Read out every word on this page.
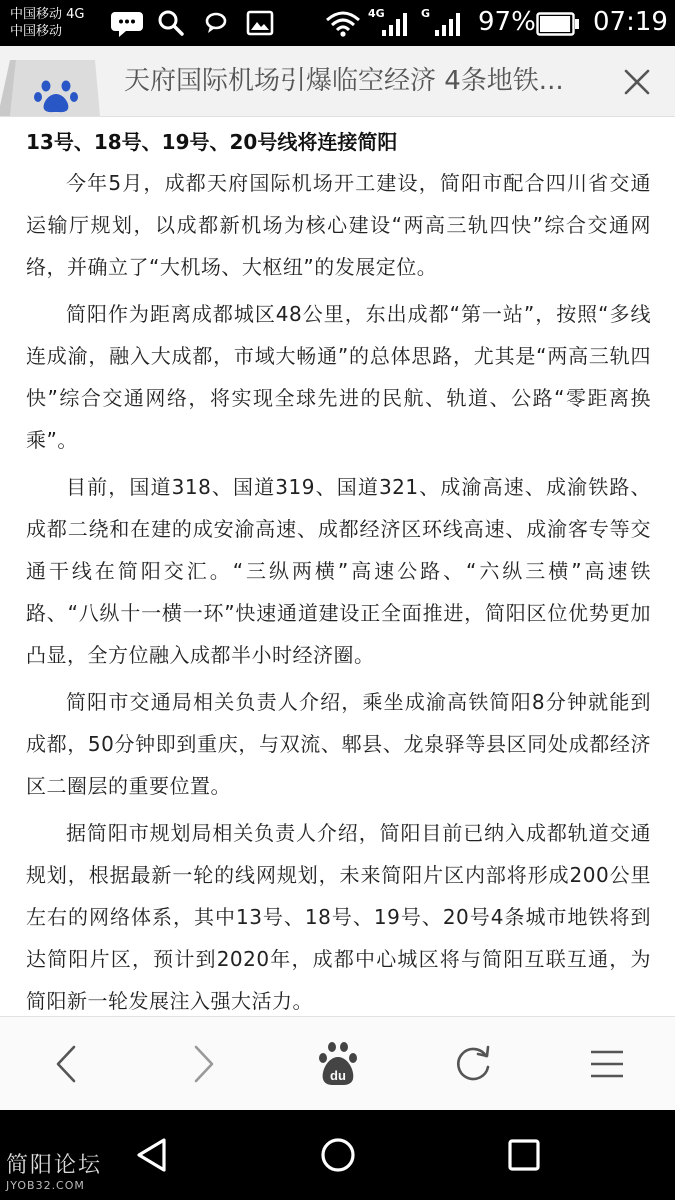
中国移动 4G
中国移动
4G	G 97% 07:19
天府国际机场引爆临空经济 4条地铁...
13号、18号、19号、20号线将连接简阳

今年5月，成都天府国际机场开工建设，简阳市配合四川省交通运输厅规划，以成都新机场为核心建设“两高三轨四快”综合交通网络，并确立了“大机场、大枢纽”的发展定位。

简阳作为距离成都城区48公里，东出成都“第一站”，按照“多线连成渝，融入大成都，市域大畅通”的总体思路，尤其是“两高三轨四快”综合交通网络，将实现全球先进的民航、轨道、公路“零距离换乘”。

目前，国道318、国道319、国道321、成渝高速、成渝铁路、成都二绕和在建的成安渝高速、成都经济区环线高速、成渝客专等交通干线在简阳交汇。“三纵两横”高速公路、“六纵三横”高速铁路、“八纵十一横一环”快速通道建设正全面推进，简阳区位优势更加凸显，全方位融入成都半小时经济圈。

简阳市交通局相关负责人介绍，乘坐成渝高铁简阳8分钟就能到成都，50分钟即到重庆，与双流、郫县、龙泉驿等县区同处成都经济区二圈层的重要位置。

据简阳市规划局相关负责人介绍，简阳目前已纳入成都轨道交通规划，根据最新一轮的线网规划，未来简阳片区内部将形成200公里左右的网络体系，其中13号、18号、19号、20号4条城市地铁将到达简阳片区，预计到2020年，成都中心城区将与简阳互联互通，为简阳新一轮发展注入强大活力。

du
简阳论坛
JYOB32.COM
